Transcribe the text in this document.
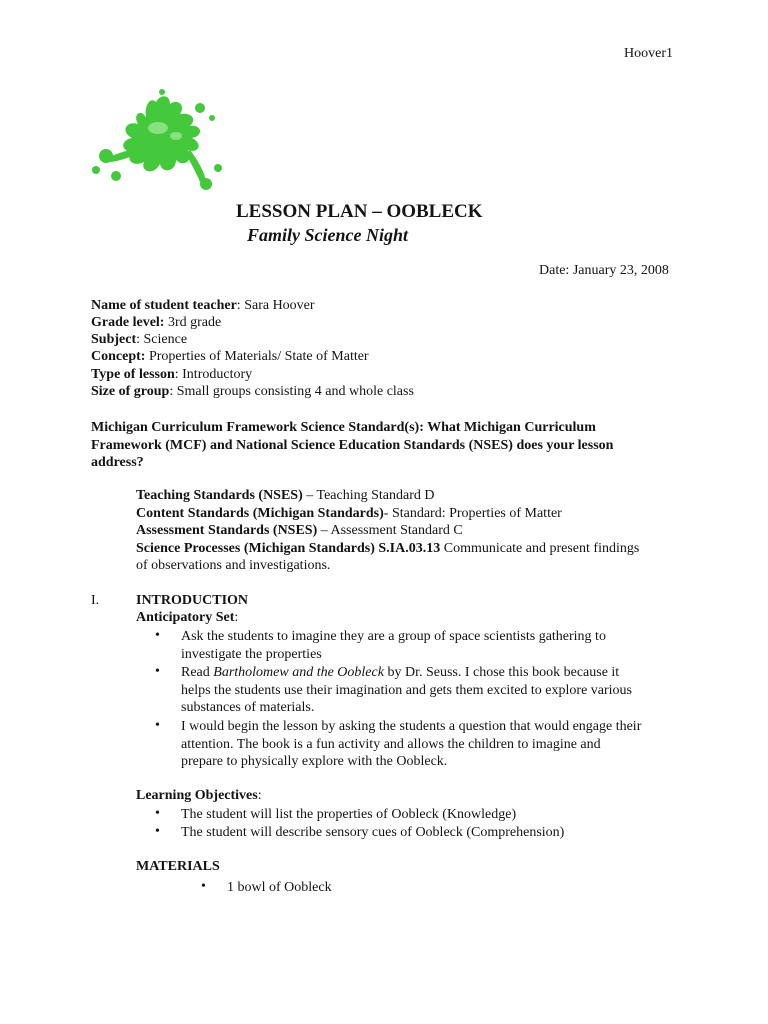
Hoover1
LESSON PLAN – OOBLECK
Family Science Night
Date: January 23, 2008
Name of student teacher: Sara Hoover
Grade level: 3rd grade
Subject: Science
Concept: Properties of Materials/ State of Matter
Type of lesson: Introductory
Size of group: Small groups consisting 4 and whole class
Michigan Curriculum Framework Science Standard(s): What Michigan Curriculum
Framework (MCF) and National Science Education Standards (NSES) does your lesson
address?
Teaching Standards (NSES) – Teaching Standard D
Content Standards (Michigan Standards)- Standard: Properties of Matter
Assessment Standards (NSES) – Assessment Standard C
Science Processes (Michigan Standards) S.IA.03.13 Communicate and present findings
of observations and investigations.
I.	INTRODUCTION
Anticipatory Set:
• Ask the students to imagine they are a group of space scientists gathering to
investigate the properties
• Read Bartholomew and the Oobleck by Dr. Seuss. I chose this book because it
helps the students use their imagination and gets them excited to explore various
substances of materials.
• I would begin the lesson by asking the students a question that would engage their
attention. The book is a fun activity and allows the children to imagine and
prepare to physically explore with the Oobleck.
Learning Objectives:
• The student will list the properties of Oobleck (Knowledge)
• The student will describe sensory cues of Oobleck (Comprehension)
MATERIALS
• 1 bowl of Oobleck
